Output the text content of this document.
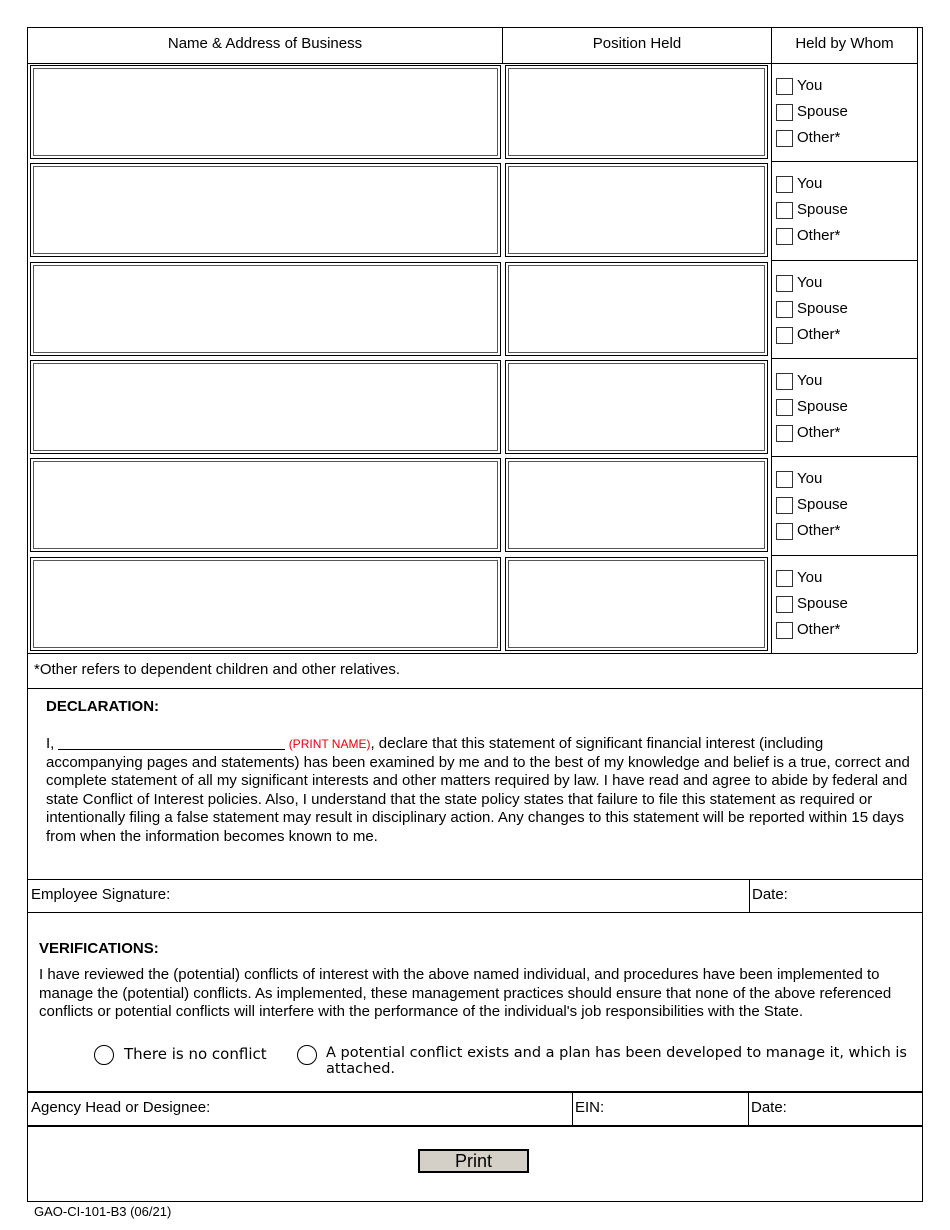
Name & Address of Business	Position Held	Held by Whom
You
Spouse
Other*
You
Spouse
Other*
You
Spouse
Other*
You
Spouse
Other*
You
Spouse
Other*
You
Spouse
Other*
*Other refers to dependent children and other relatives.
DECLARATION:
I,	(PRINT NAME), declare that this statement of significant financial interest (including accompanying pages and statements) has been examined by me and to the best of my knowledge and belief is a true, correct and complete statement of all my significant interests and other matters required by law. I have read and agree to abide by federal and state Conflict of Interest policies. Also, I understand that the state policy states that failure to file this statement as required or intentionally filing a false statement may result in disciplinary action. Any changes to this statement will be reported within 15 days from when the information becomes known to me.
Employee Signature:	Date:
VERIFICATIONS:
I have reviewed the (potential) conflicts of interest with the above named individual, and procedures have been implemented to manage the (potential) conflicts. As implemented, these management practices should ensure that none of the above referenced conflicts or potential conflicts will interfere with the performance of the individual's job responsibilities with the State.
There is no conflict	A potential conflict exists and a plan has been developed to manage it, which is attached.
Agency Head or Designee:	EIN:	Date:
Print
GAO-CI-101-B3 (06/21)
